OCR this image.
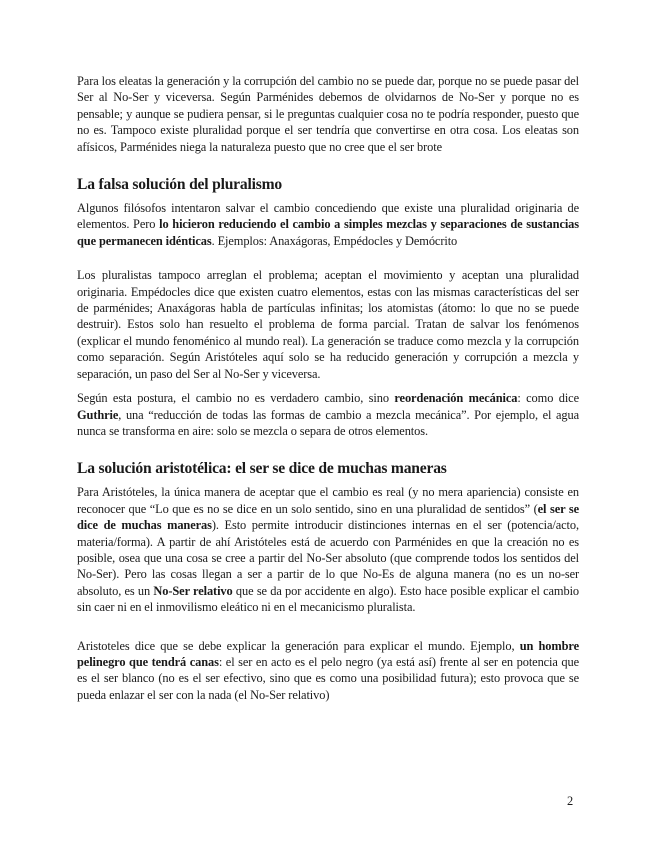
Para los eleatas la generación y la corrupción del cambio no se puede dar, porque no se puede pasar del Ser al No-Ser y viceversa. Según Parménides debemos de olvidarnos de No-Ser y porque no es pensable; y aunque se pudiera pensar, si le preguntas cualquier cosa no te podría responder, puesto que no es. Tampoco existe pluralidad porque el ser tendría que convertirse en otra cosa. Los eleatas son afísicos, Parménides niega la naturaleza puesto que no cree que el ser brote

La falsa solución del pluralismo

Algunos filósofos intentaron salvar el cambio concediendo que existe una pluralidad originaria de elementos. Pero lo hicieron reduciendo el cambio a simples mezclas y separaciones de sustancias que permanecen idénticas. Ejemplos: Anaxágoras, Empédocles y Demócrito

Los pluralistas tampoco arreglan el problema; aceptan el movimiento y aceptan una pluralidad originaria. Empédocles dice que existen cuatro elementos, estas con las mismas características del ser de parménides; Anaxágoras habla de partículas infinitas; los atomistas (átomo: lo que no se puede destruir). Estos solo han resuelto el problema de forma parcial. Tratan de salvar los fenómenos (explicar el mundo fenoménico al mundo real). La generación se traduce como mezcla y la corrupción como separación. Según Aristóteles aquí solo se ha reducido generación y corrupción a mezcla y separación, un paso del Ser al No-Ser y viceversa.

Según esta postura, el cambio no es verdadero cambio, sino reordenación mecánica: como dice Guthrie, una “reducción de todas las formas de cambio a mezcla mecánica”. Por ejemplo, el agua nunca se transforma en aire: solo se mezcla o separa de otros elementos.

La solución aristotélica: el ser se dice de muchas maneras

Para Aristóteles, la única manera de aceptar que el cambio es real (y no mera apariencia) consiste en reconocer que “Lo que es no se dice en un solo sentido, sino en una pluralidad de sentidos” (el ser se dice de muchas maneras). Esto permite introducir distinciones internas en el ser (potencia/acto, materia/forma). A partir de ahí Aristóteles está de acuerdo con Parménides en que la creación no es posible, osea que una cosa se cree a partir del No-Ser absoluto (que comprende todos los sentidos del No-Ser). Pero las cosas llegan a ser a partir de lo que No-Es de alguna manera (no es un no-ser absoluto, es un No-Ser relativo que se da por accidente en algo). Esto hace posible explicar el cambio sin caer ni en el inmovilismo eleático ni en el mecanicismo pluralista.

Aristoteles dice que se debe explicar la generación para explicar el mundo. Ejemplo, un hombre pelinegro que tendrá canas: el ser en acto es el pelo negro (ya está así) frente al ser en potencia que es el ser blanco (no es el ser efectivo, sino que es como una posibilidad futura); esto provoca que se pueda enlazar el ser con la nada (el No-Ser relativo)

2
